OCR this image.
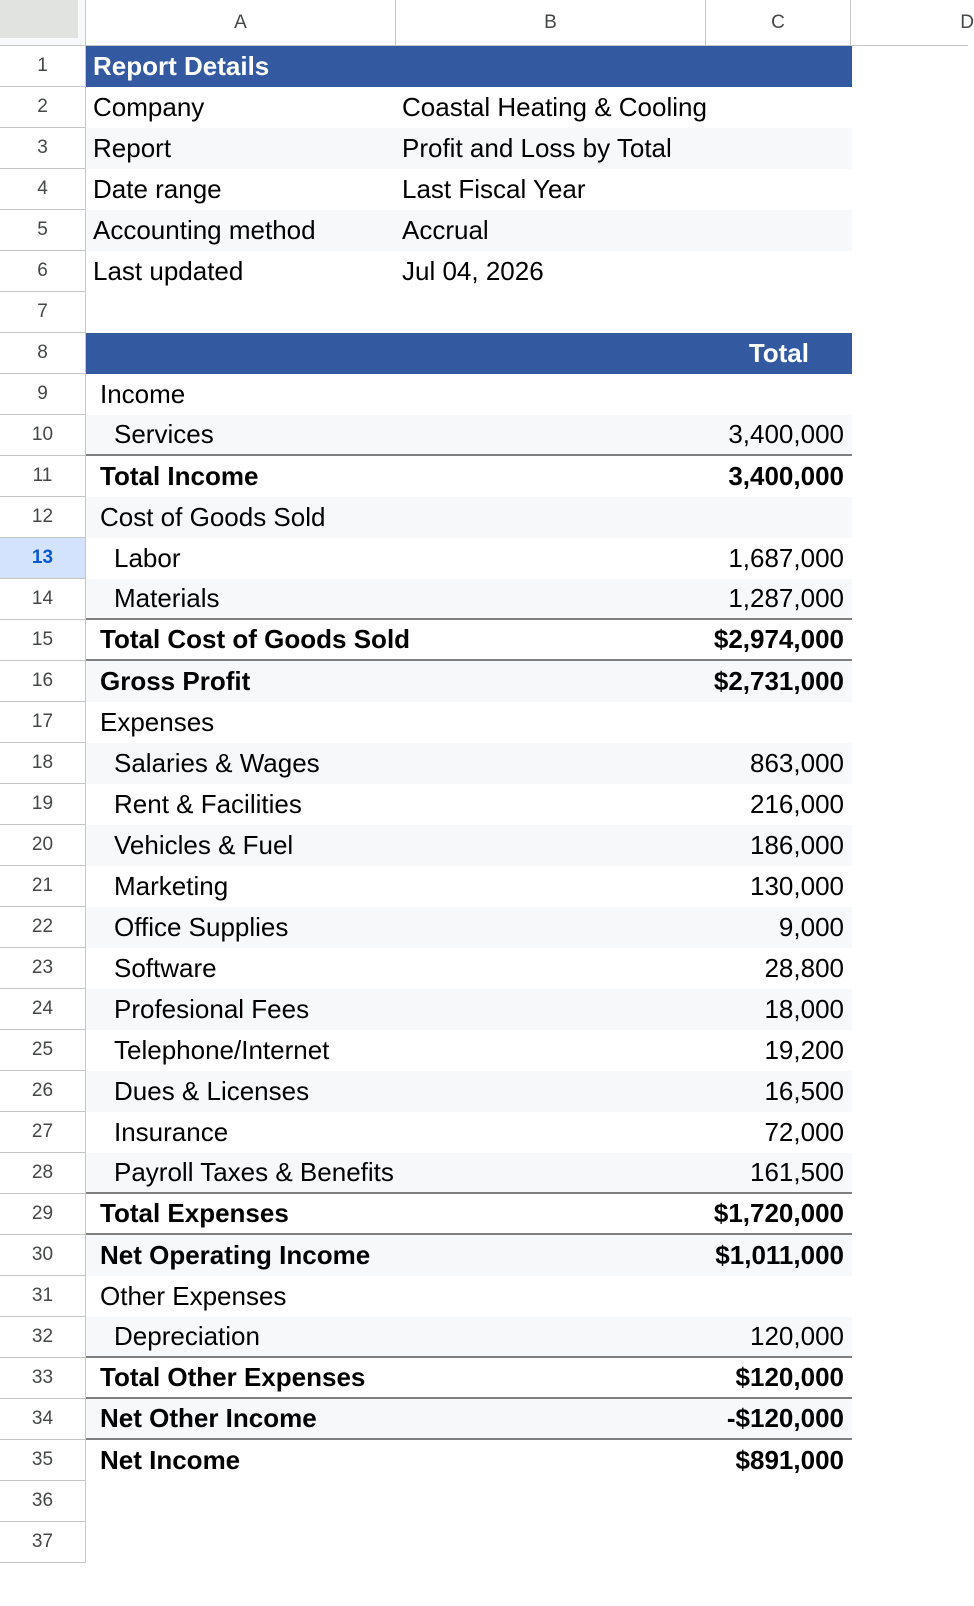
A	B	C	D
1
2
3
4
5
6
7
8
9
10
11
12
13
14
15
16
17
18
19
20
21
22
23
24
25
26
27
28
29
30
31
32
33
34
35
36
37
Report Details
Company	Coastal Heating & Cooling
Report	Profit and Loss by Total
Date range	Last Fiscal Year
Accounting method	Accrual
Last updated	Jul 04, 2026
Total
Income
Services	3,400,000
Total Income	3,400,000
Cost of Goods Sold
Labor	1,687,000
Materials	1,287,000
Total Cost of Goods Sold	$2,974,000
Gross Profit	$2,731,000
Expenses
Salaries & Wages	863,000
Rent & Facilities	216,000
Vehicles & Fuel	186,000
Marketing	130,000
Office Supplies	9,000
Software	28,800
Profesional Fees	18,000
Telephone/Internet	19,200
Dues & Licenses	16,500
Insurance	72,000
Payroll Taxes & Benefits	161,500
Total Expenses	$1,720,000
Net Operating Income	$1,011,000
Other Expenses
Depreciation	120,000
Total Other Expenses	$120,000
Net Other Income	-$120,000
Net Income	$891,000
